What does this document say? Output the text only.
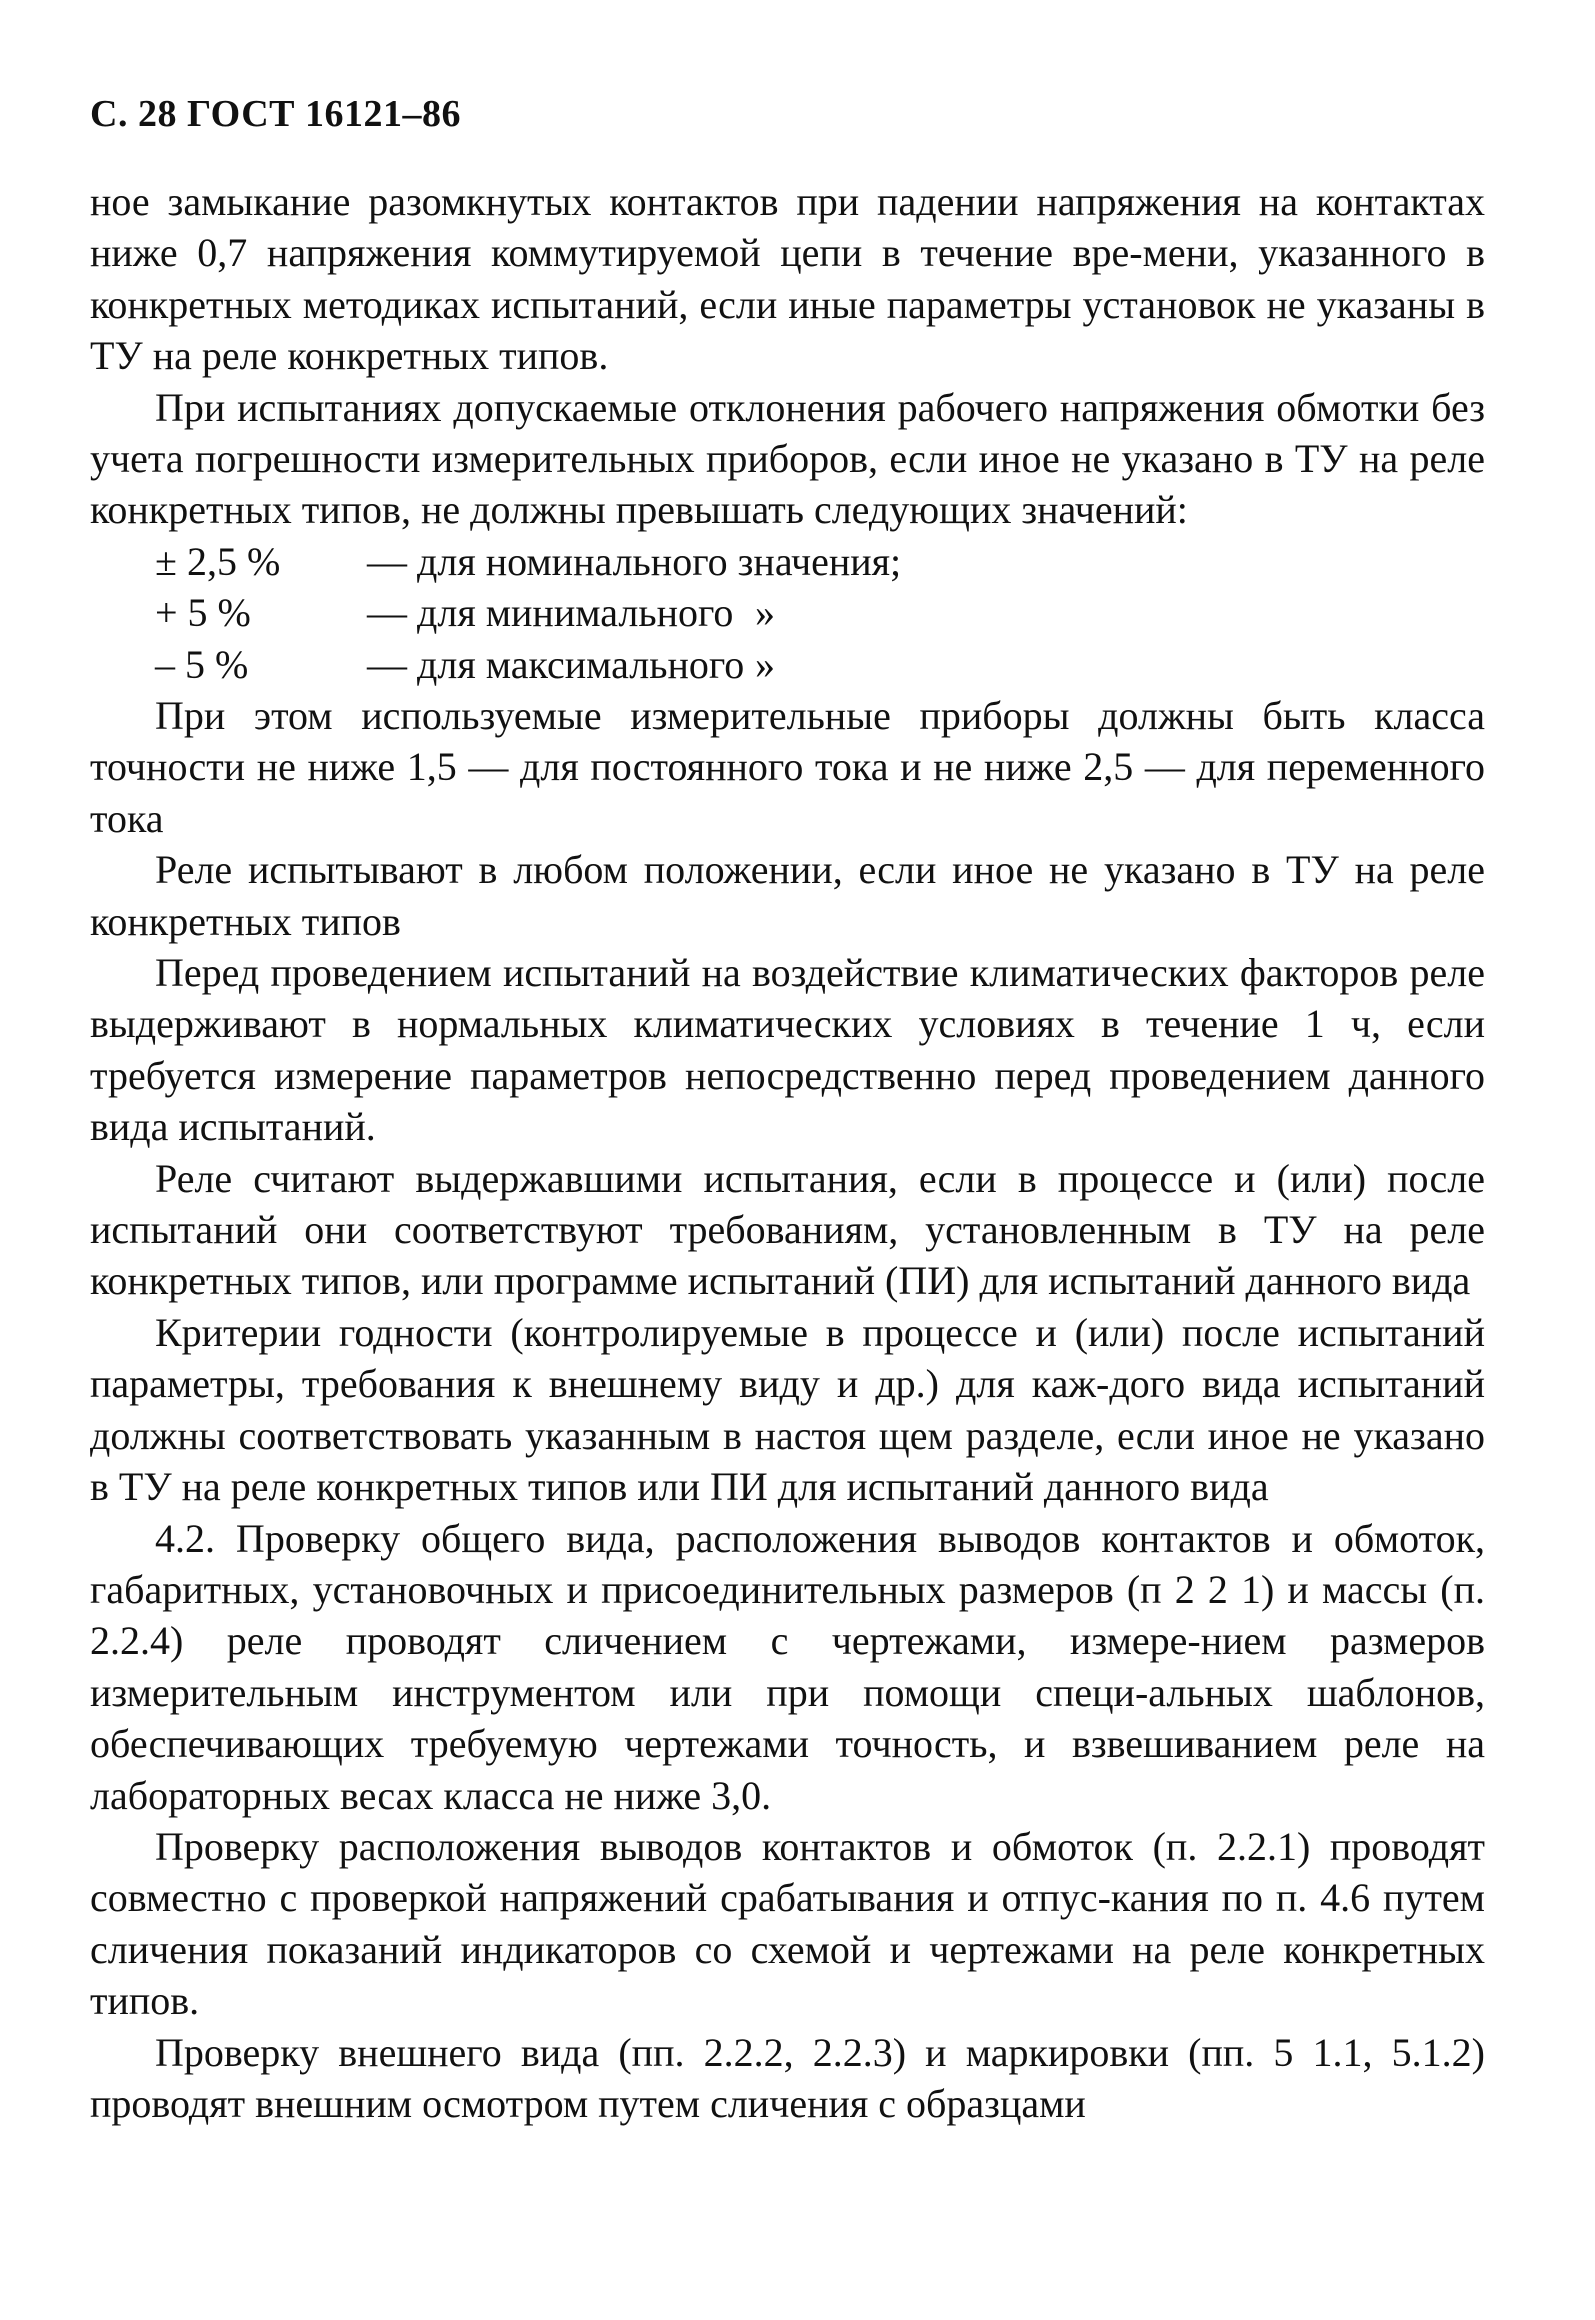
С. 28 ГОСТ 16121–86

ное замыкание разомкнутых контактов при падении напряжения на контактах ниже 0,7 напряжения коммутируемой цепи в течение вре-мени, указанного в конкретных методиках испытаний, если иные параметры установок не указаны в ТУ на реле конкретных типов.

При испытаниях допускаемые отклонения рабочего напряжения обмотки без учета погрешности измерительных приборов, если иное не указано в ТУ на реле конкретных типов, не должны превышать следующих значений:

± 2,5 %	— для номинального значения;
+ 5 %	— для минимального »
– 5 %	— для максимального »

При этом используемые измерительные приборы должны быть класса точности не ниже 1,5 — для постоянного тока и не ниже 2,5 — для переменного тока

Реле испытывают в любом положении, если иное не указано в ТУ на реле конкретных типов

Перед проведением испытаний на воздействие климатических факторов реле выдерживают в нормальных климатических условиях в течение 1 ч, если требуется измерение параметров непосредственно перед проведением данного вида испытаний.

Реле считают выдержавшими испытания, если в процессе и (или) после испытаний они соответствуют требованиям, установленным в ТУ на реле конкретных типов, или программе испытаний (ПИ) для испытаний данного вида

Критерии годности (контролируемые в процессе и (или) после испытаний параметры, требования к внешнему виду и др.) для каж-дого вида испытаний должны соответствовать указанным в настоя щем разделе, если иное не указано в ТУ на реле конкретных типов или ПИ для испытаний данного вида

4.2. Проверку общего вида, расположения выводов контактов и обмоток, габаритных, установочных и присоединительных размеров (п 2 2 1) и массы (п. 2.2.4) реле проводят сличением с чертежами, измере-нием размеров измерительным инструментом или при помощи специ-альных шаблонов, обеспечивающих требуемую чертежами точность, и взвешиванием реле на лабораторных весах класса не ниже 3,0.

Проверку расположения выводов контактов и обмоток (п. 2.2.1) проводят совместно с проверкой напряжений срабатывания и отпус-кания по п. 4.6 путем сличения показаний индикаторов со схемой и чертежами на реле конкретных типов.

Проверку внешнего вида (пп. 2.2.2, 2.2.3) и маркировки (пп. 5 1.1, 5.1.2) проводят внешним осмотром путем сличения с образцами
